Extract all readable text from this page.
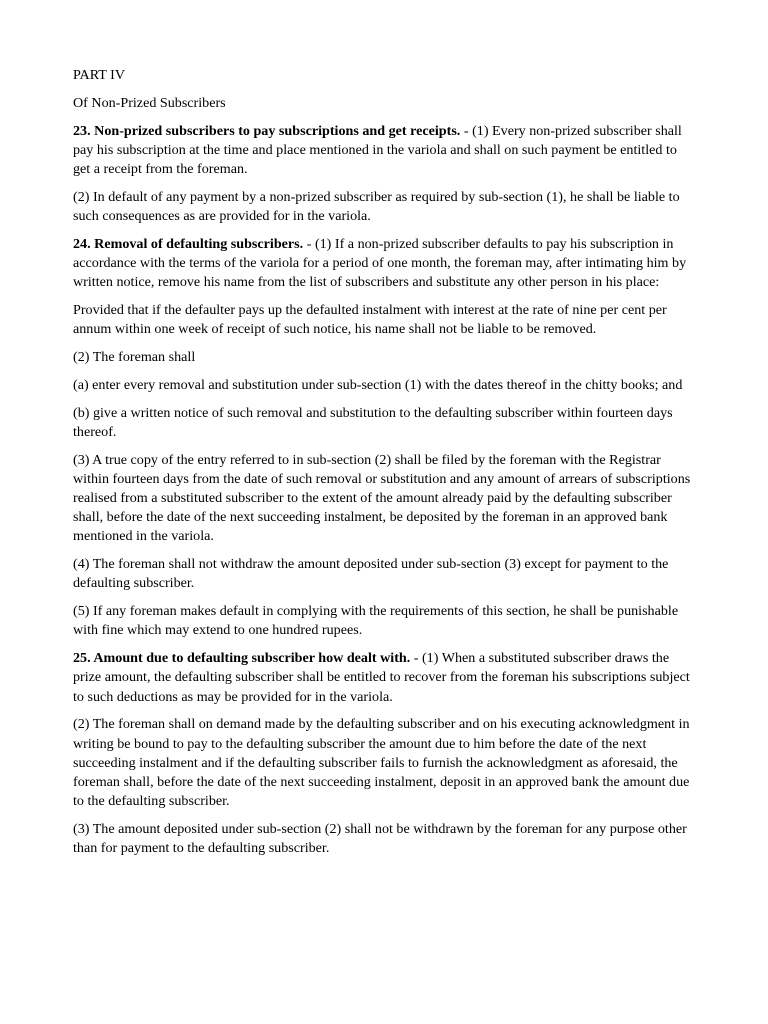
PART IV

Of Non-Prized Subscribers

23. Non-prized subscribers to pay subscriptions and get receipts. - (1) Every non-prized subscriber shall pay his subscription at the time and place mentioned in the variola and shall on such payment be entitled to get a receipt from the foreman.

(2) In default of any payment by a non-prized subscriber as required by sub-section (1), he shall be liable to such consequences as are provided for in the variola.

24. Removal of defaulting subscribers. - (1) If a non-prized subscriber defaults to pay his subscription in accordance with the terms of the variola for a period of one month, the foreman may, after intimating him by written notice, remove his name from the list of subscribers and substitute any other person in his place:

Provided that if the defaulter pays up the defaulted instalment with interest at the rate of nine per cent per annum within one week of receipt of such notice, his name shall not be liable to be removed.

(2) The foreman shall

(a) enter every removal and substitution under sub-section (1) with the dates thereof in the chitty books; and

(b) give a written notice of such removal and substitution to the defaulting subscriber within fourteen days thereof.

(3) A true copy of the entry referred to in sub-section (2) shall be filed by the foreman with the Registrar within fourteen days from the date of such removal or substitution and any amount of arrears of subscriptions realised from a substituted subscriber to the extent of the amount already paid by the defaulting subscriber shall, before the date of the next succeeding instalment, be deposited by the foreman in an approved bank mentioned in the variola.

(4) The foreman shall not withdraw the amount deposited under sub-section (3) except for payment to the defaulting subscriber.

(5) If any foreman makes default in complying with the requirements of this section, he shall be punishable with fine which may extend to one hundred rupees.

25. Amount due to defaulting subscriber how dealt with. - (1) When a substituted subscriber draws the prize amount, the defaulting subscriber shall be entitled to recover from the foreman his subscriptions subject to such deductions as may be provided for in the variola.

(2) The foreman shall on demand made by the defaulting subscriber and on his executing acknowledgment in writing be bound to pay to the defaulting subscriber the amount due to him before the date of the next succeeding instalment and if the defaulting subscriber fails to furnish the acknowledgment as aforesaid, the foreman shall, before the date of the next succeeding instalment, deposit in an approved bank the amount due to the defaulting subscriber.

(3) The amount deposited under sub-section (2) shall not be withdrawn by the foreman for any purpose other than for payment to the defaulting subscriber.
